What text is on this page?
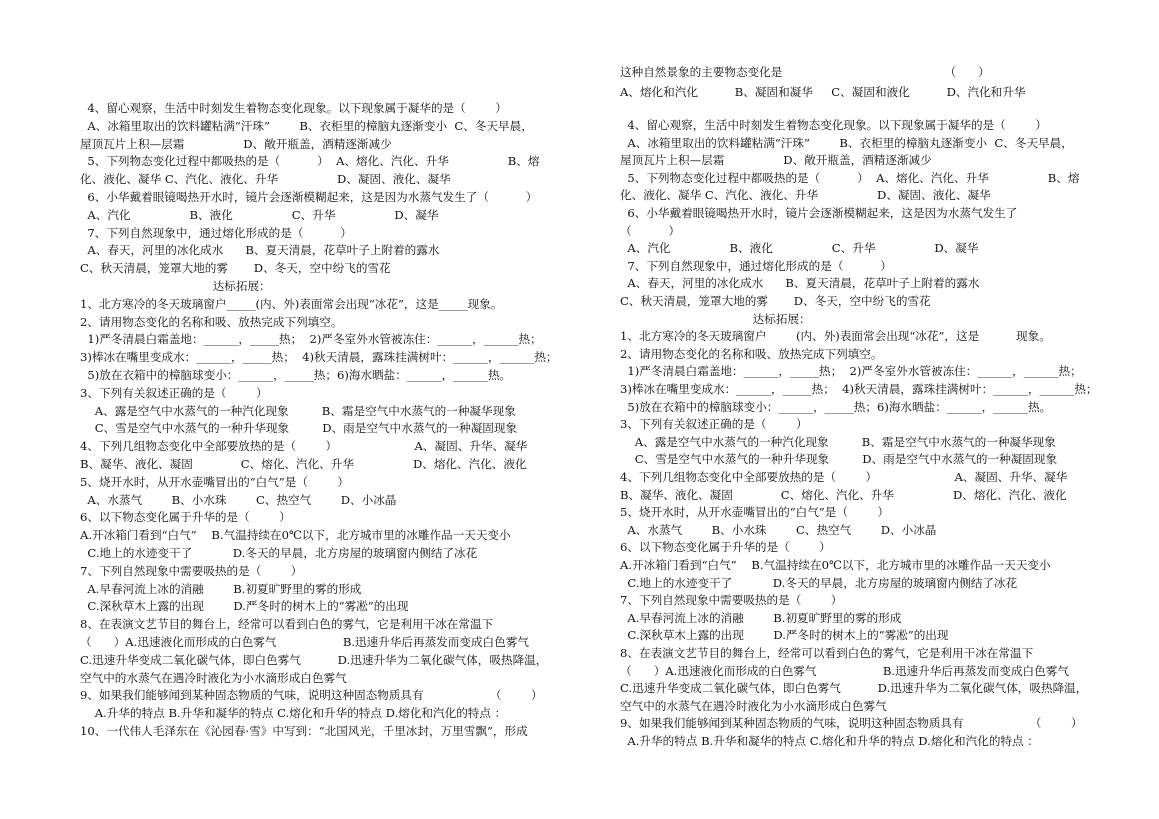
4、留心观察，生活中时刻发生着物态变化现象。以下现象属于凝华的是（        ）
A、冰箱里取出的饮料罐粘满“汗珠”        B、衣柜里的樟脑丸逐渐变小  C、冬天早晨，
屋顶瓦片上积—层霜                D、敞开瓶盖，酒精逐渐减少
5、下列物态变化过程中都吸热的是（          ）  A、熔化、汽化、升华                B、熔
化、液化、凝华 C、汽化、液化、升华                D、凝固、液化、凝华
6、小华戴着眼镜喝热开水时，镜片会逐渐模糊起来，这是因为水蒸气发生了（          ）
A、汽化                B、液化                C、升华                D、凝华
7、下列自然现象中，通过熔化形成的是（          ）
A、春天，河里的冰化成水      B、夏天清晨，花草叶子上附着的露水
C、秋天清晨，笼罩大地的雾       D、冬天，空中纷飞的雪花
达标拓展：
1、北方寒冷的冬天玻璃窗户_____(内、外)表面常会出现“冰花”，这是_____现象。
2、请用物态变化的名称和吸、放热完成下列填空。
1)严冬清晨白霜盖地：______，_____热；  2)严冬室外水管被冻住：______，______热；
3)棒冰在嘴里变成水：______，_____热；  4)秋天清晨，露珠挂满树叶：______，______热；
5)放在衣箱中的樟脑球变小：______，_____热；6)海水晒盐：______，______热。
3、下列有关叙述正确的是（        ）
A、露是空气中水蒸气的一种汽化现象         B、霜是空气中水蒸气的一种凝华现象
C、雪是空气中水蒸气的一种升华现象         D、雨是空气中水蒸气的一种凝固现象
4、下列几组物态变化中全部要放热的是（        ）                     A、凝固、升华、凝华
B、凝华、液化、凝固             C、熔化、汽化、升华                D、熔化、汽化、液化
5、烧开水时，从开水壶嘴冒出的“白气”是（        ）
A、水蒸气        B、小水珠        C、热空气        D、小冰晶
6、以下物态变化属于升华的是（        ）
A.开冰箱门看到“白气”    B.气温持续在0℃以下，北方城市里的冰雕作品一天天变小
C.地上的水迹变干了           D.冬天的早晨，北方房屋的玻璃窗内侧结了冰花
7、下列自然现象中需要吸热的是（        ）
A.早春河流上冰的消融        B.初夏旷野里的雾的形成
C.深秋草木上露的出现        D.严冬时的树木上的“雾凇”的出现
8、在表演文艺节目的舞台上，经常可以看到白色的雾气，它是利用干冰在常温下
（      ）A.迅速液化而形成的白色雾气                  B.迅速升华后再蒸发而变成白色雾气
C.迅速升华变成二氧化碳气体，即白色雾气          D.迅速升华为二氧化碳气体，吸热降温，
空气中的水蒸气在遇冷时液化为小水滴形成白色雾气
9、如果我们能够闻到某种固态物质的气味，说明这种固态物质具有                  （        ）
A.升华的特点 B.升华和凝华的特点 C.熔化和升华的特点 D.熔化和汽化的特点 ：
10、一代伟人毛泽东在《沁园春·雪》中写到：“北国风光，千里冰封，万里雪飘”，形成
这种自然景象的主要物态变化是                                            （      ）
A、熔化和汽化          B、凝固和凝华     C、凝固和液化          D、汽化和升华
4、留心观察，生活中时刻发生着物态变化现象。以下现象属于凝华的是（        ）
A、冰箱里取出的饮料罐粘满“汗珠”        B、衣柜里的樟脑丸逐渐变小  C、冬天早晨，
屋顶瓦片上积—层霜                D、敞开瓶盖，酒精逐渐减少
5、下列物态变化过程中都吸热的是（          ）  A、熔化、汽化、升华                B、熔
化、液化、凝华 C、汽化、液化、升华                D、凝固、液化、凝华
6、小华戴着眼镜喝热开水时，镜片会逐渐模糊起来，这是因为水蒸气发生了
（          ）
A、汽化                B、液化                C、升华                D、凝华
7、下列自然现象中，通过熔化形成的是（          ）
A、春天，河里的冰化成水      B、夏天清晨，花草叶子上附着的露水
C、秋天清晨，笼罩大地的雾       D、冬天，空中纷飞的雪花
达标拓展：
1、北方寒冷的冬天玻璃窗户        (内、外)表面常会出现“冰花”，这是          现象。
2、请用物态变化的名称和吸、放热完成下列填空。
1)严冬清晨白霜盖地：______，_____热；  2)严冬室外水管被冻住：______，______热；
3)棒冰在嘴里变成水：______，_____热；  4)秋天清晨，露珠挂满树叶：______，______热；
5)放在衣箱中的樟脑球变小：______，_____热；6)海水晒盐：______，______热。
3、下列有关叙述正确的是（        ）
A、露是空气中水蒸气的一种汽化现象         B、霜是空气中水蒸气的一种凝华现象
C、雪是空气中水蒸气的一种升华现象         D、雨是空气中水蒸气的一种凝固现象
4、下列几组物态变化中全部要放热的是（        ）                     A、凝固、升华、凝华
B、凝华、液化、凝固             C、熔化、汽化、升华                D、熔化、汽化、液化
5、烧开水时，从开水壶嘴冒出的“白气”是（        ）
A、水蒸气        B、小水珠        C、热空气        D、小冰晶
6、以下物态变化属于升华的是（        ）
A.开冰箱门看到“白气”    B.气温持续在0℃以下，北方城市里的冰雕作品一天天变小
C.地上的水迹变干了           D.冬天的早晨，北方房屋的玻璃窗内侧结了冰花
7、下列自然现象中需要吸热的是（        ）
A.早春河流上冰的消融        B.初夏旷野里的雾的形成
C.深秋草木上露的出现        D.严冬时的树木上的“雾凇”的出现
8、在表演文艺节目的舞台上，经常可以看到白色的雾气，它是利用干冰在常温下
（      ）A.迅速液化而形成的白色雾气                  B.迅速升华后再蒸发而变成白色雾气
C.迅速升华变成二氧化碳气体，即白色雾气          D.迅速升华为二氧化碳气体，吸热降温，
空气中的水蒸气在遇冷时液化为小水滴形成白色雾气
9、如果我们能够闻到某种固态物质的气味，说明这种固态物质具有                  （        ）
A.升华的特点 B.升华和凝华的特点 C.熔化和升华的特点 D.熔化和汽化的特点 ：
